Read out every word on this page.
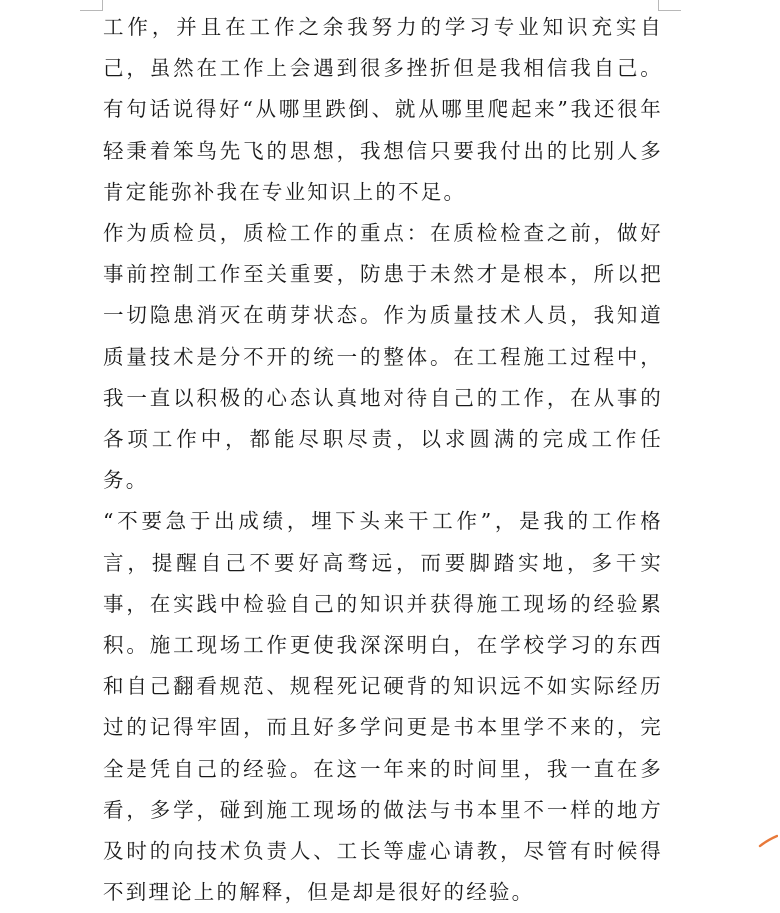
工作，并且在工作之余我努力的学习专业知识充实自己，虽然在工作上会遇到很多挫折但是我相信我自己。有句话说得好“从哪里跌倒、就从哪里爬起来”我还很年轻秉着笨鸟先飞的思想，我想信只要我付出的比别人多肯定能弥补我在专业知识上的不足。

作为质检员，质检工作的重点：在质检检查之前，做好事前控制工作至关重要，防患于未然才是根本，所以把一切隐患消灭在萌芽状态。作为质量技术人员，我知道质量技术是分不开的统一的整体。在工程施工过程中，我一直以积极的心态认真地对待自己的工作，在从事的各项工作中，都能尽职尽责，以求圆满的完成工作任务。

“不要急于出成绩，埋下头来干工作”，是我的工作格言，提醒自己不要好高骛远，而要脚踏实地，多干实事，在实践中检验自己的知识并获得施工现场的经验累积。施工现场工作更使我深深明白，在学校学习的东西和自己翻看规范、规程死记硬背的知识远不如实际经历过的记得牢固，而且好多学问更是书本里学不来的，完全是凭自己的经验。在这一年来的时间里，我一直在多看，多学，碰到施工现场的做法与书本里不一样的地方及时的向技术负责人、工长等虚心请教，尽管有时候得不到理论上的解释，但是却是很好的经验。
